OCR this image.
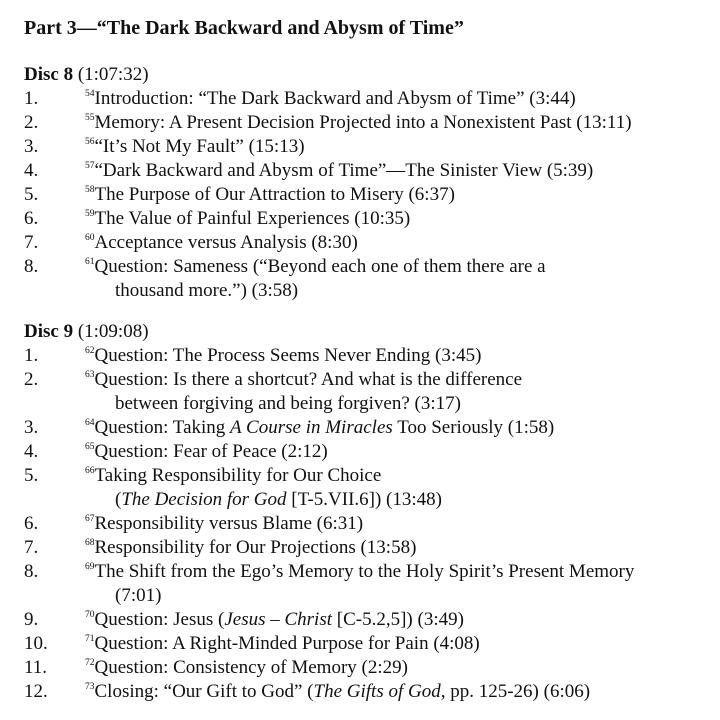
Part 3—“The Dark Backward and Abysm of Time”
Disc 8 (1:07:32)
1.	$^{54}$Introduction: “The Dark Backward and Abysm of Time” (3:44)
2.	$^{55}$Memory: A Present Decision Projected into a Nonexistent Past (13:11)
3.	$^{56}$“It’s Not My Fault” (15:13)
4.	$^{57}$“Dark Backward and Abysm of Time”—The Sinister View (5:39)
5.	$^{58}$The Purpose of Our Attraction to Misery (6:37)
6.	$^{59}$The Value of Painful Experiences (10:35)
7.	$^{60}$Acceptance versus Analysis (8:30)
8.	$^{61}$Question: Sameness (“Beyond each one of them there are a
thousand more.”) (3:58)
Disc 9 (1:09:08)
1.	$^{62}$Question: The Process Seems Never Ending (3:45)
2.	$^{63}$Question: Is there a shortcut? And what is the difference
between forgiving and being forgiven? (3:17)
3.	$^{64}$Question: Taking A Course in Miracles Too Seriously (1:58)
4.	$^{65}$Question: Fear of Peace (2:12)
5.	$^{66}$Taking Responsibility for Our Choice
(The Decision for God [T-5.VII.6]) (13:48)
6.	$^{67}$Responsibility versus Blame (6:31)
7.	$^{68}$Responsibility for Our Projections (13:58)
8.	$^{69}$The Shift from the Ego’s Memory to the Holy Spirit’s Present Memory
(7:01)
9.	$^{70}$Question: Jesus (Jesus – Christ [C-5.2,5]) (3:49)
10.	$^{71}$Question: A Right-Minded Purpose for Pain (4:08)
11.	$^{72}$Question: Consistency of Memory (2:29)
12.	$^{73}$Closing: “Our Gift to God” (The Gifts of God, pp. 125-26) (6:06)
